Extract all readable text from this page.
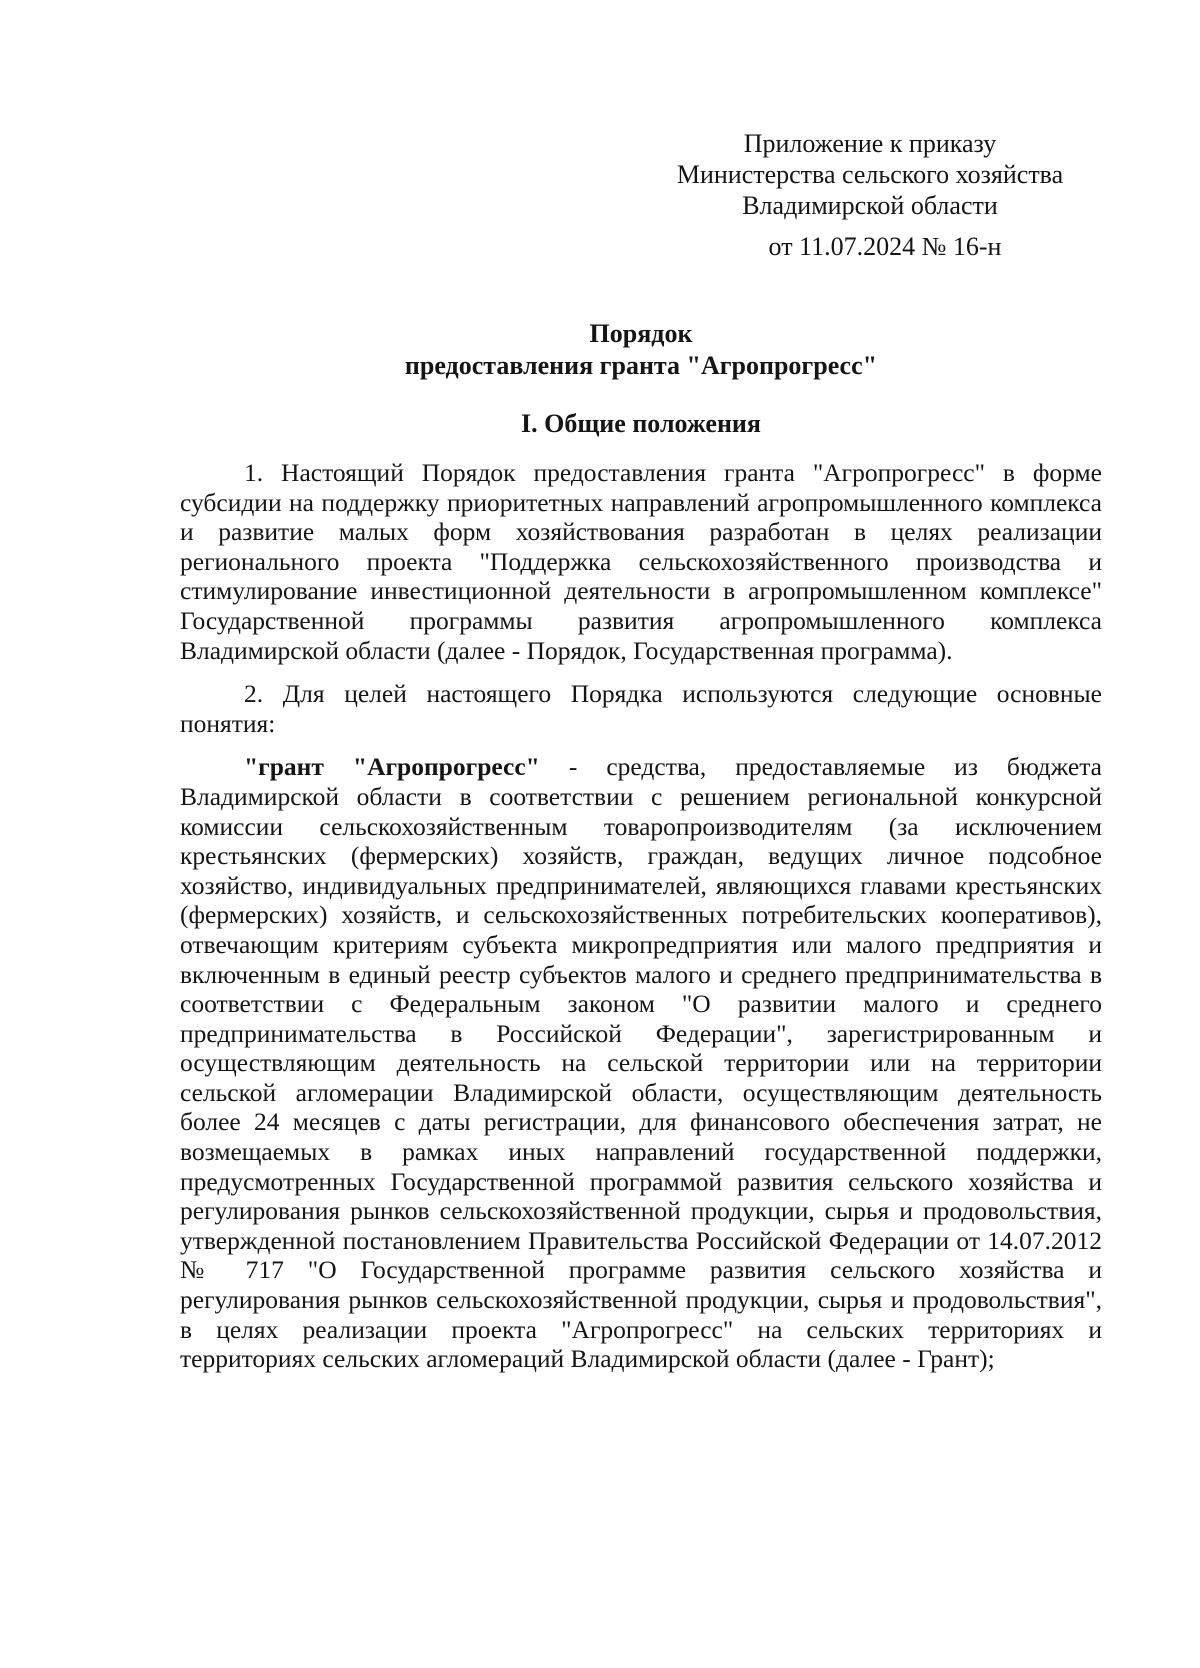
Приложение к приказу
Министерства сельского хозяйства
Владимирской области
от 11.07.2024 № 16-н
Порядок
предоставления гранта "Агропрогресс"
I. Общие положения

1. Настоящий Порядок предоставления гранта "Агропрогресс" в форме субсидии на поддержку приоритетных направлений агропромышленного комплекса и развитие малых форм хозяйствования разработан в целях реализации регионального проекта "Поддержка сельскохозяйственного производства и стимулирование инвестиционной деятельности в агропромышленном комплексе" Государственной программы развития агропромышленного комплекса Владимирской области (далее - Порядок, Государственная программа).

2. Для целей настоящего Порядка используются следующие основные понятия:

"грант "Агропрогресс" - средства, предоставляемые из бюджета Владимирской области в соответствии с решением региональной конкурсной комиссии сельскохозяйственным товаропроизводителям (за исключением крестьянских (фермерских) хозяйств, граждан, ведущих личное подсобное хозяйство, индивидуальных предпринимателей, являющихся главами крестьянских (фермерских) хозяйств, и сельскохозяйственных потребительских кооперативов), отвечающим критериям субъекта микропредприятия или малого предприятия и включенным в единый реестр субъектов малого и среднего предпринимательства в соответствии с Федеральным законом "О развитии малого и среднего предпринимательства в Российской Федерации", зарегистрированным и осуществляющим деятельность на сельской территории или на территории сельской агломерации Владимирской области, осуществляющим деятельность более 24 месяцев с даты регистрации, для финансового обеспечения затрат, не возмещаемых в рамках иных направлений государственной поддержки, предусмотренных Государственной программой развития сельского хозяйства и регулирования рынков сельскохозяйственной продукции, сырья и продовольствия, утвержденной постановлением Правительства Российской Федерации от 14.07.2012 № 717 "О Государственной программе развития сельского хозяйства и регулирования рынков сельскохозяйственной продукции, сырья и продовольствия", в целях реализации проекта "Агропрогресс" на сельских территориях и территориях сельских агломераций Владимирской области (далее - Грант);
